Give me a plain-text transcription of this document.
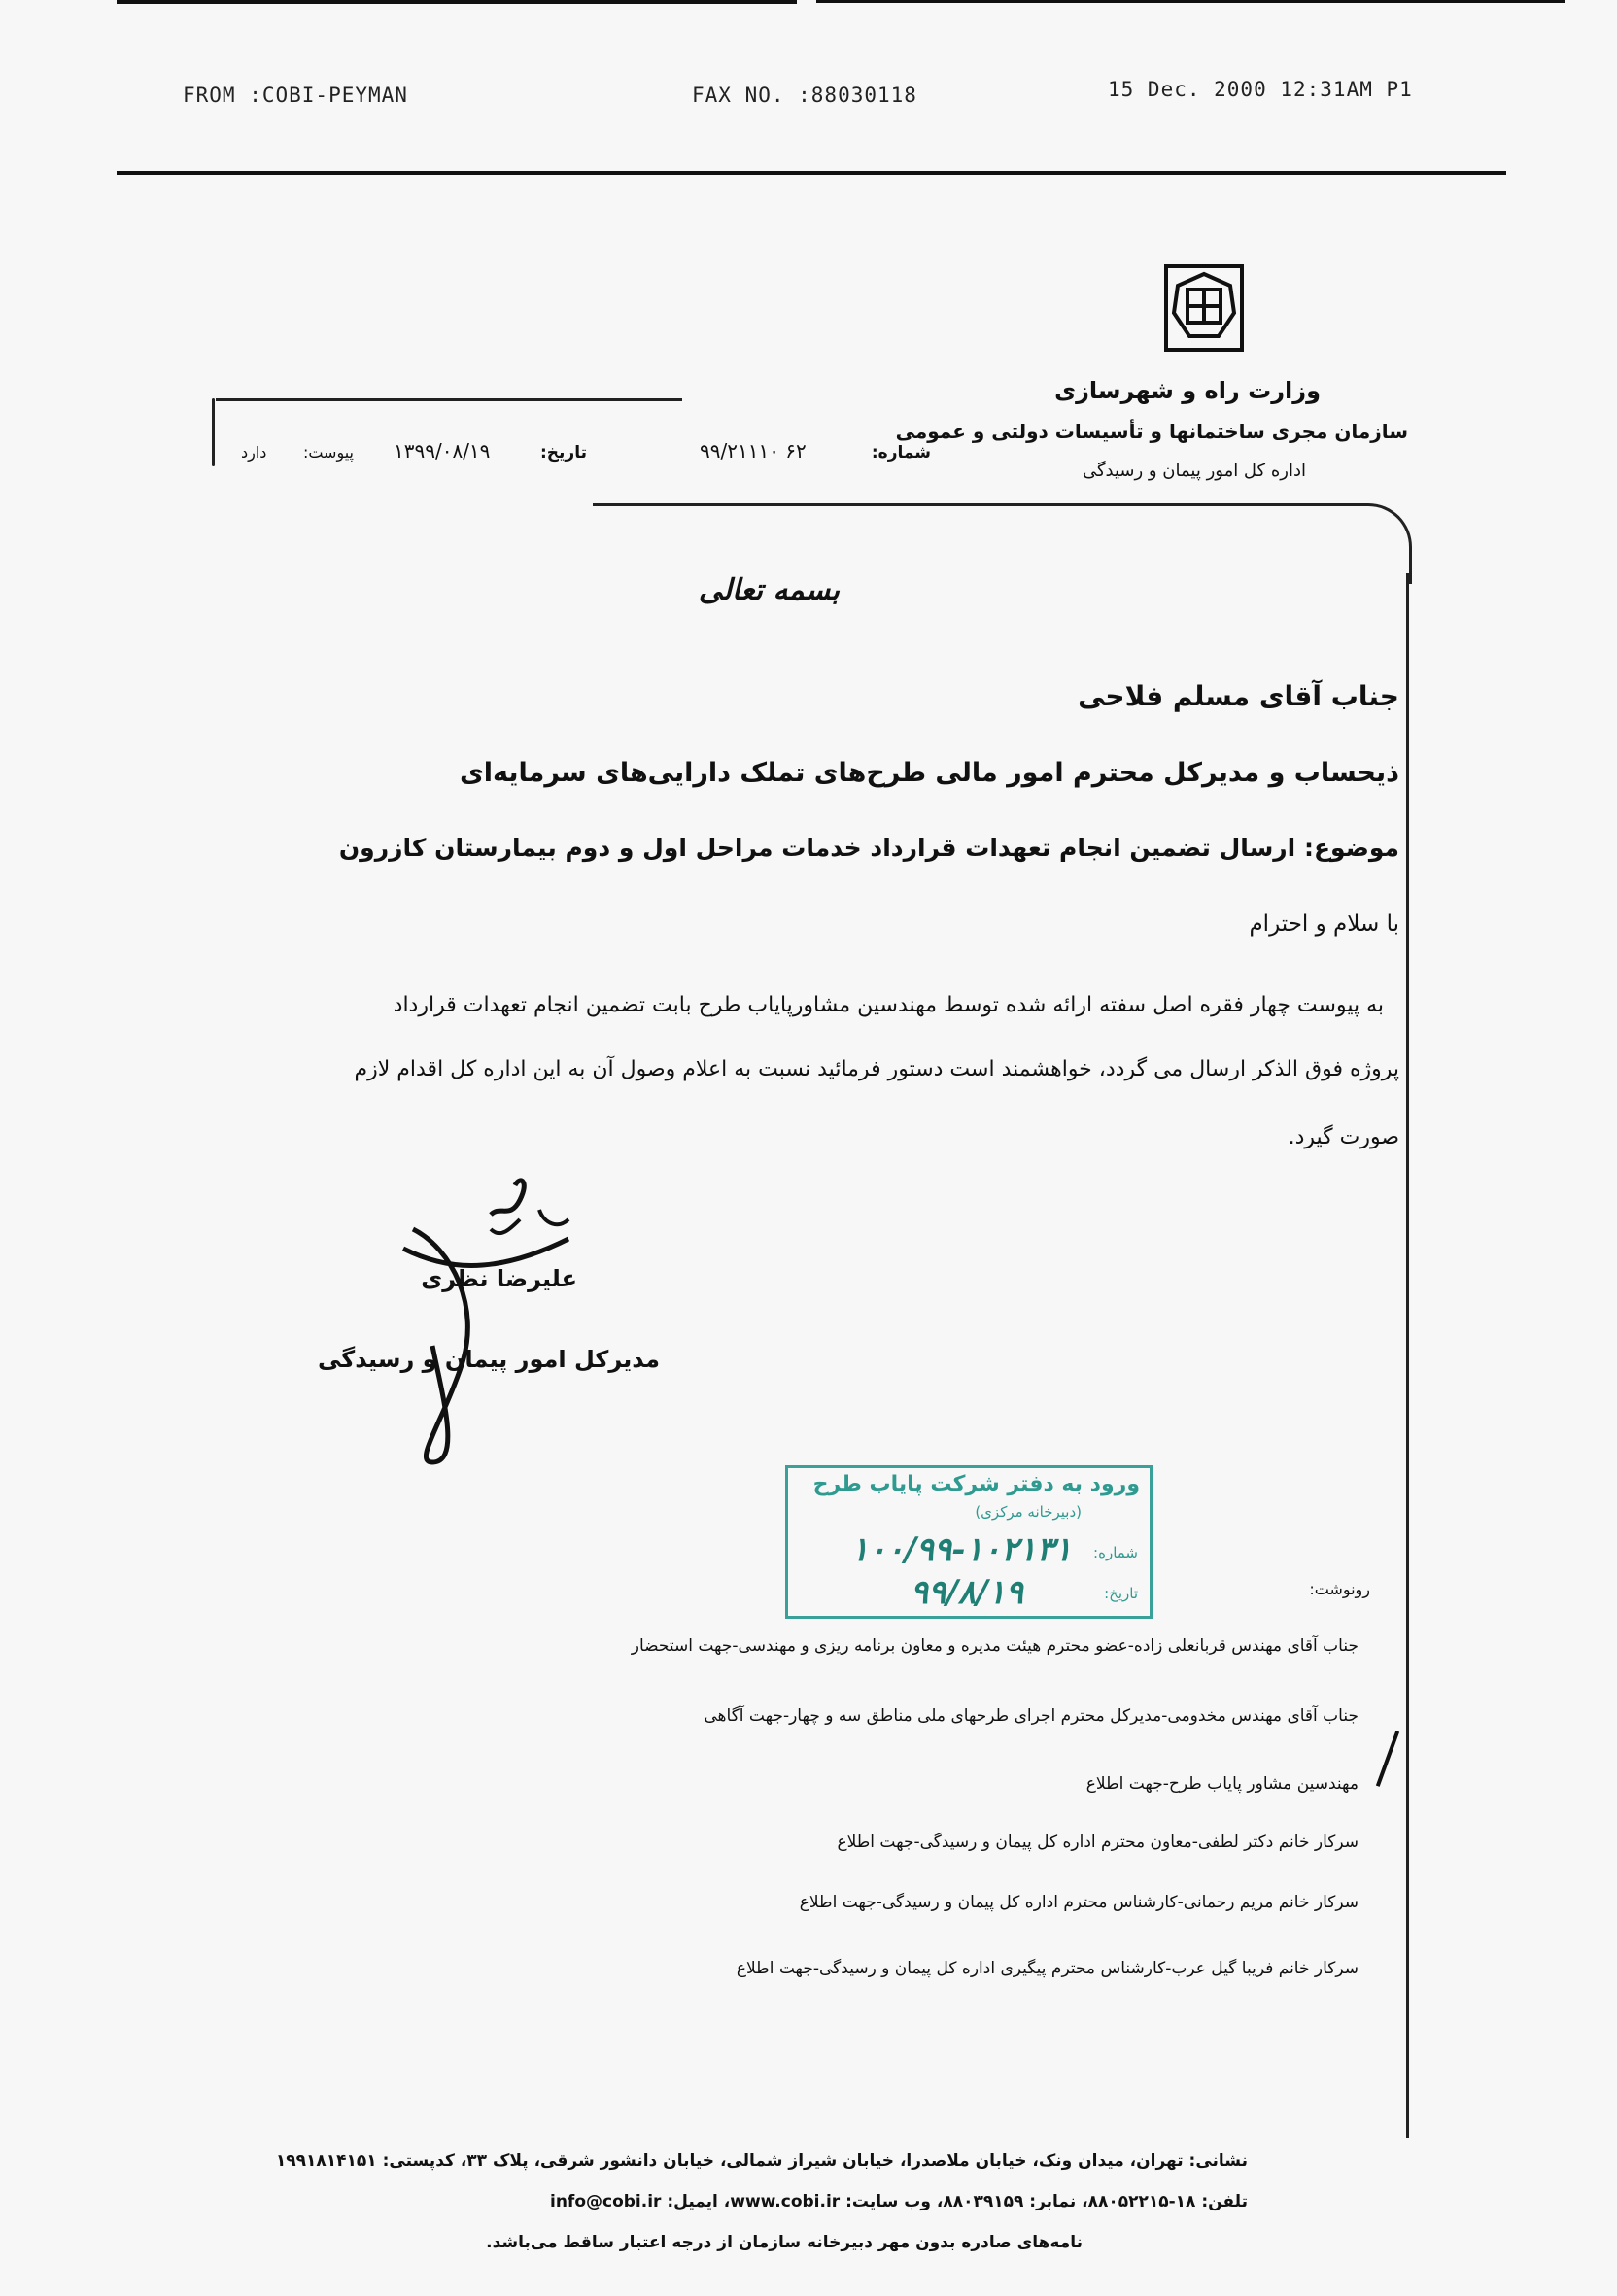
FROM :COBI-PEYMAN	FAX NO. :88030118	15 Dec. 2000 12:31AM P1
وزارت راه و شهرسازی
سازمان مجری ساختمانها و تأسیسات دولتی و عمومی
اداره کل امور پیمان و رسیدگی
شماره:
۶۲ ۹۹/۲۱۱۱۰
تاریخ:
۱۳۹۹/۰۸/۱۹
پیوست:
دارد
بسمه تعالی
جناب آقای مسلم فلاحی
ذیحساب و مدیرکل محترم امور مالی طرح‌های تملک دارایی‌های سرمایه‌ای
موضوع: ارسال تضمین انجام تعهدات قرارداد خدمات مراحل اول و دوم بیمارستان کازرون
با سلام و احترام
به پیوست چهار فقره اصل سفته ارائه شده توسط مهندسین مشاورپایاب طرح بابت تضمین انجام تعهدات قرارداد
پروژه فوق الذکر ارسال می گردد، خواهشمند است دستور فرمائید نسبت به اعلام وصول آن به این اداره کل اقدام لازم
صورت گیرد.
علیرضا نظری
مدیرکل امور پیمان و رسیدگی
ورود به دفتر شرکت پایاب طرح
(دبیرخانه مرکزی)
شماره:
۱۰۰/۹۹-۱۰۲۱۳۱
تاریخ:
۹۹/۸/۱۹	رونوشت:
جناب آقای مهندس قربانعلی زاده-عضو محترم هیئت مدیره و معاون برنامه ریزی و مهندسی-جهت استحضار
جناب آقای مهندس مخدومی-مدیرکل محترم اجرای طرحهای ملی مناطق سه و چهار-جهت آگاهی
مهندسین مشاور پایاب طرح-جهت اطلاع
سرکار خانم دکتر لطفی-معاون محترم اداره کل پیمان و رسیدگی-جهت اطلاع
سرکار خانم مریم رحمانی-کارشناس محترم اداره کل پیمان و رسیدگی-جهت اطلاع
سرکار خانم فریبا گیل عرب-کارشناس محترم پیگیری اداره کل پیمان و رسیدگی-جهت اطلاع
نشانی: تهران، میدان ونک، خیابان ملاصدرا، خیابان شیراز شمالی، خیابان دانشور شرقی، پلاک ۳۳، کدپستی: ۱۹۹۱۸۱۴۱۵۱
تلفن: ۱۸-۸۸۰۵۲۲۱۵، نمابر: ۸۸۰۳۹۱۵۹، وب سایت: www.cobi.ir، ایمیل: info@cobi.ir
نامه‌های صادره بدون مهر دبیرخانه سازمان از درجه اعتبار ساقط می‌باشد.
